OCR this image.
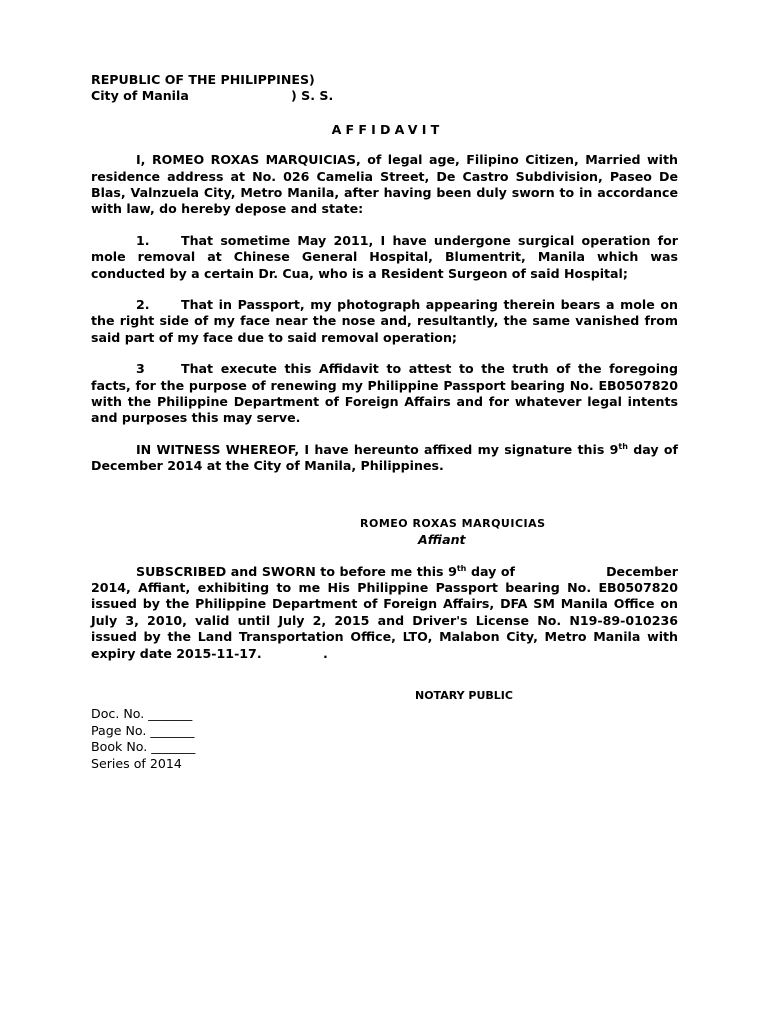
REPUBLIC OF THE PHILIPPINES)
City of Manila	) S. S.
AFFIDAVIT

I, ROMEO ROXAS MARQUICIAS, of legal age, Filipino Citizen, Married with residence address at No. 026 Camelia Street, De Castro Subdivision, Paseo De Blas, Valnzuela City, Metro Manila, after having been duly sworn to in accordance with law, do hereby depose and state:

1. That sometime May 2011, I have undergone surgical operation for mole removal at Chinese General Hospital, Blumentrit, Manila which was conducted by a certain Dr. Cua, who is a Resident Surgeon of said Hospital;

2. That in Passport, my photograph appearing therein bears a mole on the right side of my face near the nose and, resultantly, the same vanished from said part of my face due to said removal operation;

3	That execute this Affidavit to attest to the truth of the foregoing facts, for the purpose of renewing my Philippine Passport bearing No. EB0507820 with the Philippine Department of Foreign Affairs and for whatever legal intents and purposes this may serve.

IN WITNESS WHEREOF, I have hereunto affixed my signature this 9th day of December 2014 at the City of Manila, Philippines.

ROMEO ROXAS MARQUICIAS
Affiant

SUBSCRIBED and SWORN to before me this 9th day of                    December 2014, Affiant, exhibiting to me His Philippine Passport bearing No. EB0507820 issued by the Philippine Department of Foreign Affairs, DFA SM Manila Office on July 3, 2010, valid until July 2, 2015 and Driver's License No. N19-89-010236 issued by the Land Transportation Office, LTO, Malabon City, Metro Manila with expiry date 2015-11-17.              .

NOTARY PUBLIC
Doc. No. _______
Page No. _______
Book No. _______
Series of 2014
